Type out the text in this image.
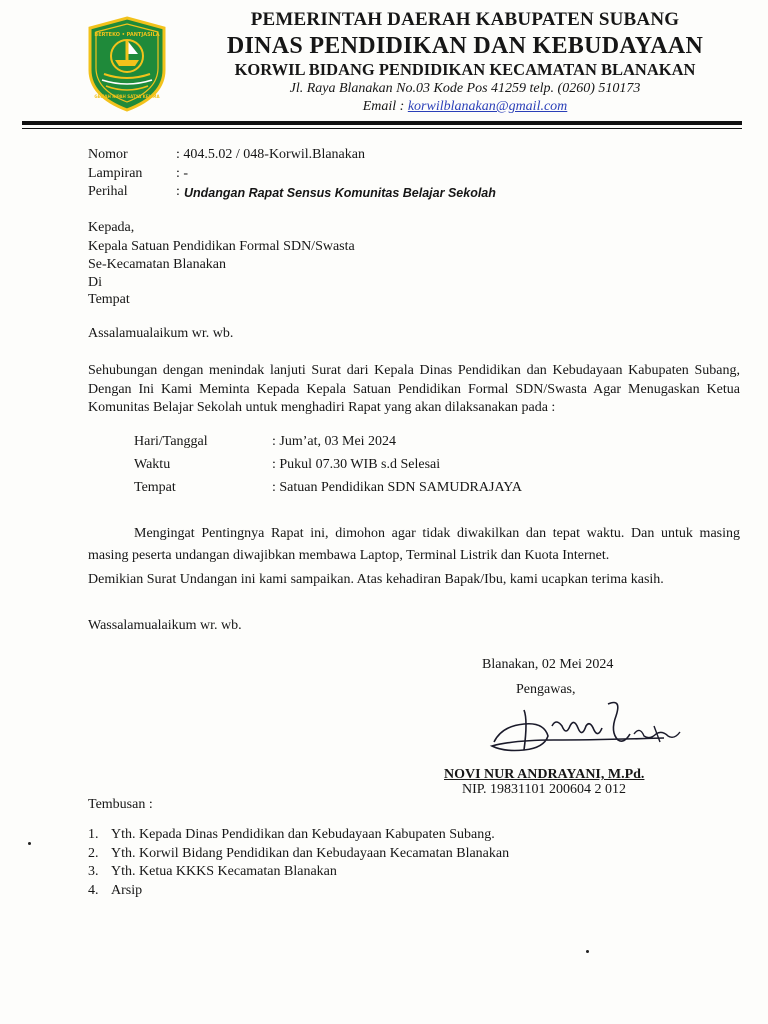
BERTEKO • PANTJASILA
GEMAH RIPAH SATYA KELIMA
PEMERINTAH DAERAH KABUPATEN SUBANG
DINAS PENDIDIKAN DAN KEBUDAYAAN
KORWIL BIDANG PENDIDIKAN KECAMATAN BLANAKAN
Jl. Raya Blanakan No.03 Kode Pos 41259 telp. (0260) 510173
Email : korwilblanakan@gmail.com
Nomor	: 404.5.02 / 048-Korwil.Blanakan
Lampiran : -
Perihal	: Undangan Rapat Sensus Komunitas Belajar Sekolah
Kepada,
Kepala Satuan Pendidikan Formal SDN/Swasta
Se-Kecamatan Blanakan
Di
Tempat
Assalamualaikum wr. wb.
Sehubungan dengan menindak lanjuti Surat dari Kepala Dinas Pendidikan dan Kebudayaan Kabupaten Subang,
Dengan Ini Kami Meminta Kepada Kepala Satuan Pendidikan Formal SDN/Swasta Agar Menugaskan Ketua
Komunitas Belajar Sekolah untuk menghadiri Rapat yang akan dilaksanakan pada :
Hari/Tanggal	: Jum’at, 03 Mei 2024
Waktu	: Pukul 07.30 WIB s.d Selesai
Tempat	: Satuan Pendidikan SDN SAMUDRAJAYA
Mengingat Pentingnya Rapat ini, dimohon agar tidak diwakilkan dan tepat waktu. Dan untuk masing
masing peserta undangan diwajibkan membawa Laptop, Terminal Listrik dan Kuota Internet.
Demikian Surat Undangan ini kami sampaikan. Atas kehadiran Bapak/Ibu, kami ucapkan terima kasih.
Wassalamualaikum wr. wb.
Blanakan, 02 Mei 2024
Pengawas,
NOVI NUR ANDRAYANI, M.Pd.
NIP. 19831101 200604 2 012
Tembusan :
1. Yth. Kepada Dinas Pendidikan dan Kebudayaan Kabupaten Subang.
2. Yth. Korwil Bidang Pendidikan dan Kebudayaan Kecamatan Blanakan
3. Yth. Ketua KKKS Kecamatan Blanakan
4. Arsip
